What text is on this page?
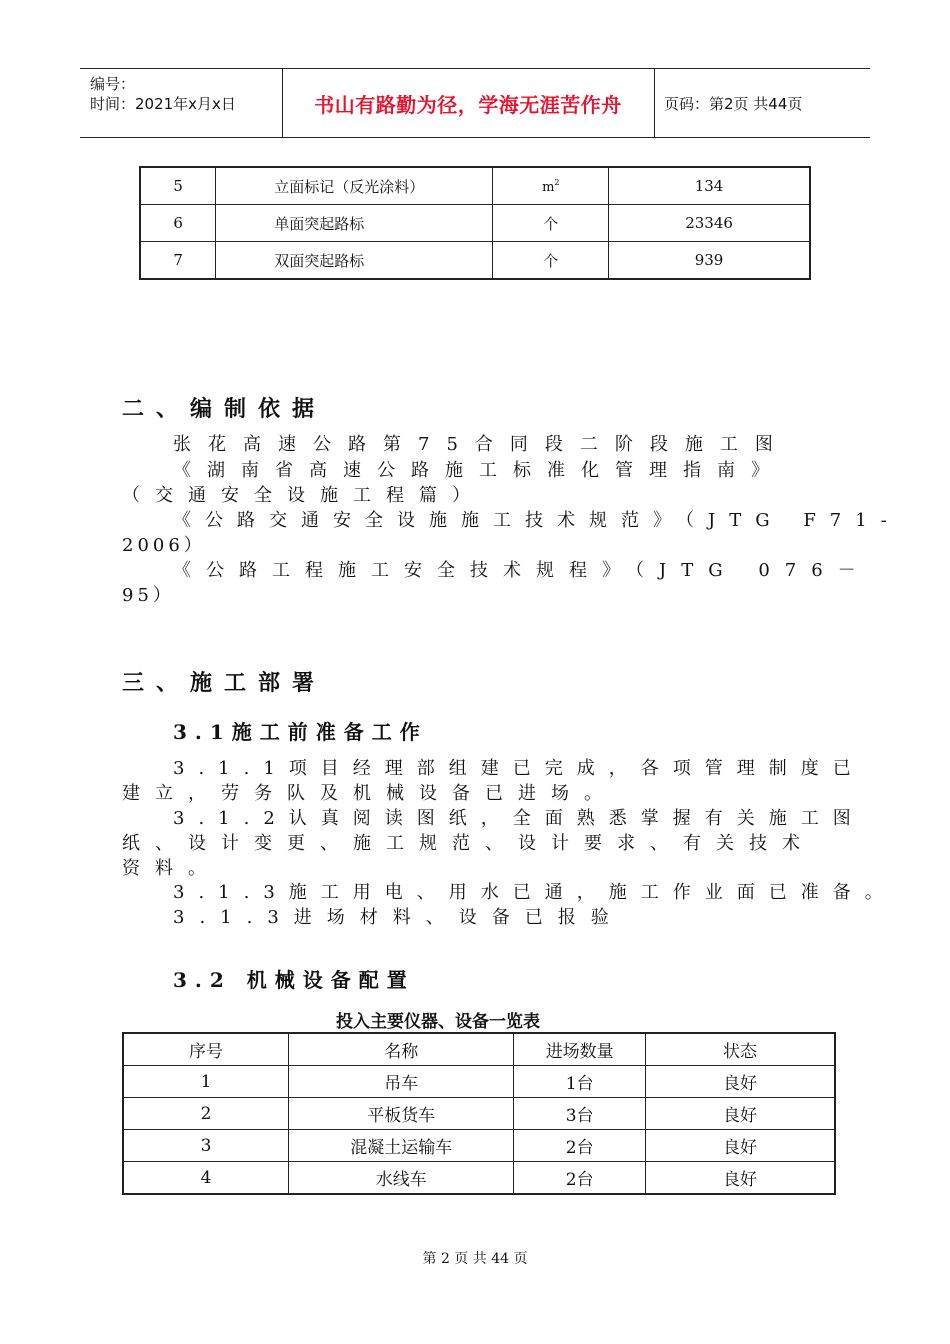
编号：
时间：2021年x月x日	书山有路勤为径，学海无涯苦作舟	页码：第2页 共44页
5	立面标记（反光涂料）	$m^2$	134
6	单面突起路标	个	23346
7	双面突起路标	个	939
二、编制依据
张花高速公路第75合同段二阶段施工图
《湖南省高速公路施工标准化管理指南》
（交通安全设施工程篇）
《公路交通安全设施施工技术规范》（JTG F71-
2006）
《公路工程施工安全技术规程》（JTG 076－
95）
三、施工部署
3.1施工前准备工作
3.1.1项目经理部组建已完成，各项管理制度已
建立，劳务队及机械设备已进场。
3.1.2认真阅读图纸，全面熟悉掌握有关施工图
纸、设计变更、施工规范、设计要求、有关技术
资料。
3.1.3施工用电、用水已通，施工作业面已准备。
3.1.3进场材料、设备已报验
3.2 机械设备配置
投入主要仪器、设备一览表
序号	名称	进场数量	状态
1	吊车	1台	良好
2	平板货车	3台	良好
3	混凝土运输车	2台	良好
4	水线车	2台	良好
第 2 页 共 44 页
